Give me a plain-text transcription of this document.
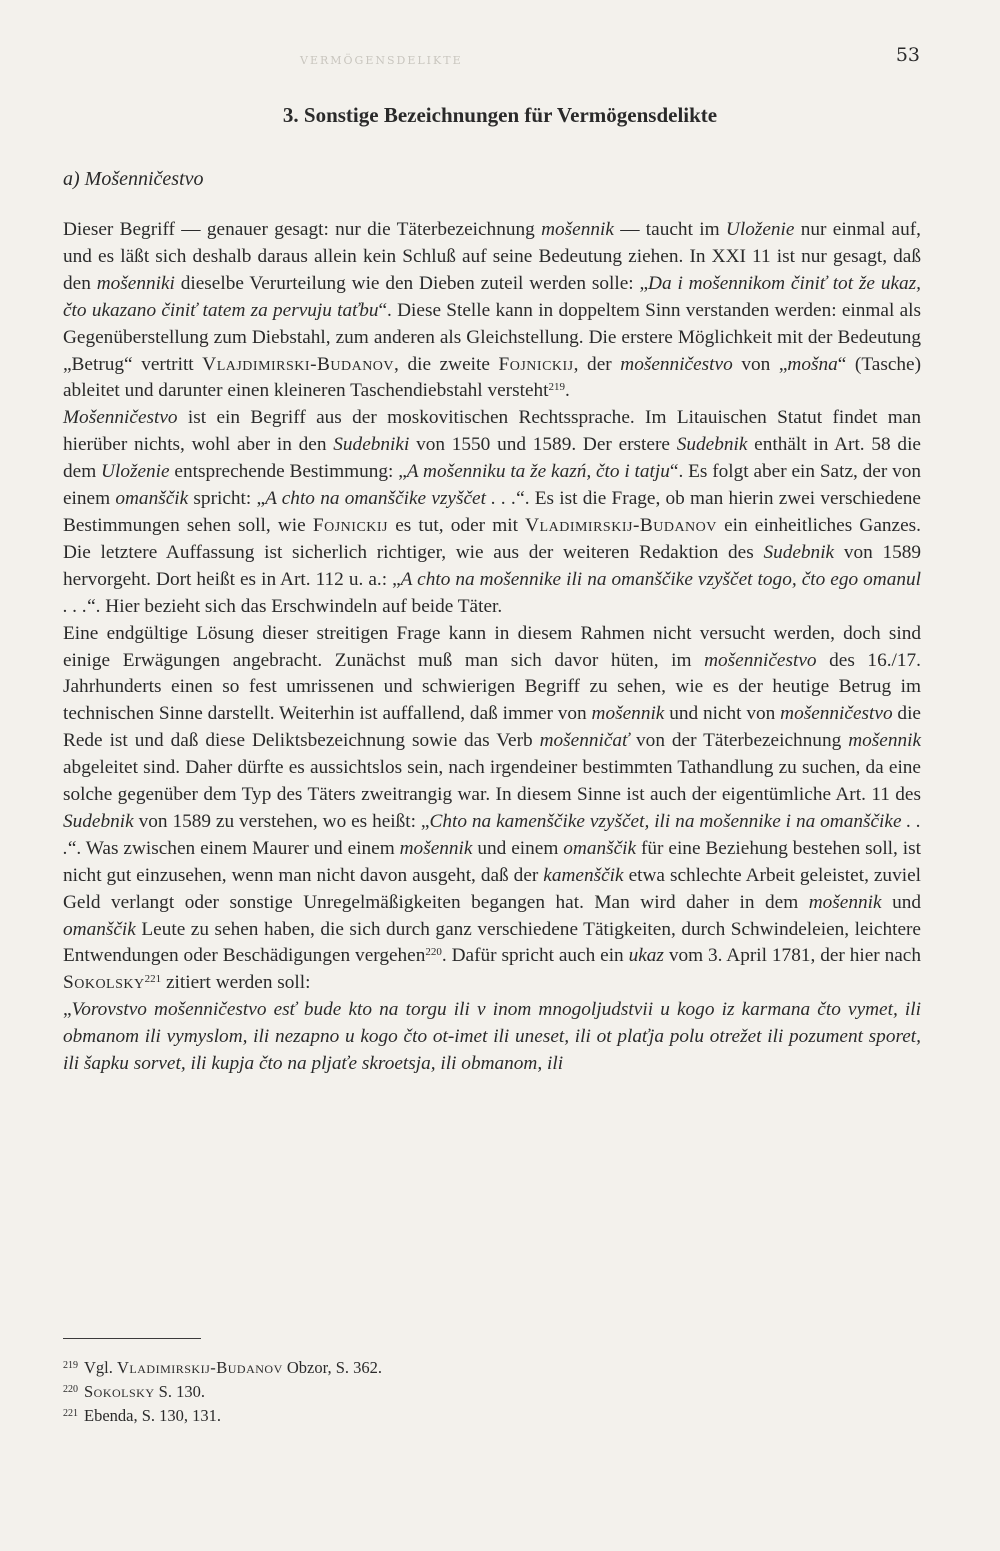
VERMÖGENSDELIKTE	53
3. Sonstige Bezeichnungen für Vermögensdelikte
a) Mošenničestvo

Dieser Begriff — genauer gesagt: nur die Täterbezeichnung mošennik — taucht im Uloženie nur einmal auf, und es läßt sich deshalb daraus allein kein Schluß auf seine Bedeutung ziehen. In XXI 11 ist nur gesagt, daß den mošenniki dieselbe Verurteilung wie den Dieben zuteil werden solle: „Da i mošennikom činiť tot že ukaz, čto ukazano činiť tatem za pervuju taťbu“. Diese Stelle kann in doppeltem Sinn verstanden werden: einmal als Gegenüberstellung zum Diebstahl, zum anderen als Gleichstellung. Die erstere Möglichkeit mit der Bedeutung „Betrug“ vertritt Vlajdimirski-Budanov, die zweite Fojnickij, der mošenničestvo von „mošna“ (Tasche) ableitet und darunter einen kleineren Taschendiebstahl versteht$^{219}$.

Mošenničestvo ist ein Begriff aus der moskovitischen Rechtssprache. Im Litauischen Statut findet man hierüber nichts, wohl aber in den Sudebniki von 1550 und 1589. Der erstere Sudebnik enthält in Art. 58 die dem Uloženie entsprechende Bestimmung: „A mošenniku ta že kazń, čto i tatju“. Es folgt aber ein Satz, der von einem omanščik spricht: „A chto na omanščike vzyščet . . .“. Es ist die Frage, ob man hierin zwei verschiedene Bestimmungen sehen soll, wie Fojnickij es tut, oder mit Vladimirskij-Budanov ein einheitliches Ganzes. Die letztere Auffassung ist sicherlich richtiger, wie aus der weiteren Redaktion des Sudebnik von 1589 hervorgeht. Dort heißt es in Art. 112 u. a.: „A chto na mošennike ili na omanščike vzyščet togo, čto ego omanul . . .“. Hier bezieht sich das Erschwindeln auf beide Täter.

Eine endgültige Lösung dieser streitigen Frage kann in diesem Rahmen nicht versucht werden, doch sind einige Erwägungen angebracht. Zunächst muß man sich davor hüten, im mošenničestvo des 16./17. Jahrhunderts einen so fest umrissenen und schwierigen Begriff zu sehen, wie es der heutige Betrug im technischen Sinne darstellt. Weiterhin ist auffallend, daß immer von mošennik und nicht von mošenničestvo die Rede ist und daß diese Deliktsbezeichnung sowie das Verb mošenničať von der Täterbezeichnung mošennik abgeleitet sind. Daher dürfte es aussichtslos sein, nach irgendeiner bestimmten Tathandlung zu suchen, da eine solche gegenüber dem Typ des Täters zweitrangig war. In diesem Sinne ist auch der eigentümliche Art. 11 des Sudebnik von 1589 zu verstehen, wo es heißt: „Chto na kamenščike vzyščet, ili na mošennike i na omanščike . . .“. Was zwischen einem Maurer und einem mošennik und einem omanščik für eine Beziehung bestehen soll, ist nicht gut einzusehen, wenn man nicht davon ausgeht, daß der kamenščik etwa schlechte Arbeit geleistet, zuviel Geld verlangt oder sonstige Unregelmäßigkeiten begangen hat. Man wird daher in dem mošennik und omanščik Leute zu sehen haben, die sich durch ganz verschiedene Tätigkeiten, durch Schwindeleien, leichtere Entwendungen oder Beschädigungen vergehen$^{220}$. Dafür spricht auch ein ukaz vom 3. April 1781, der hier nach Sokolsky$^{221}$ zitiert werden soll:

„Vorovstvo mošenničestvo esť bude kto na torgu ili v inom mnogoljudstvii u kogo iz karmana čto vymet, ili obmanom ili vymyslom, ili nezapno u kogo čto ot-imet ili uneset, ili ot plaťja polu otrežet ili pozument sporet, ili šapku sorvet, ili kupja čto na pljaťe skroetsja, ili obmanom, ili

$^{219}$ Vgl. Vladimirskij-Budanov Obzor, S. 362.
$^{220}$ Sokolsky S. 130.
$^{221}$ Ebenda, S. 130, 131.
